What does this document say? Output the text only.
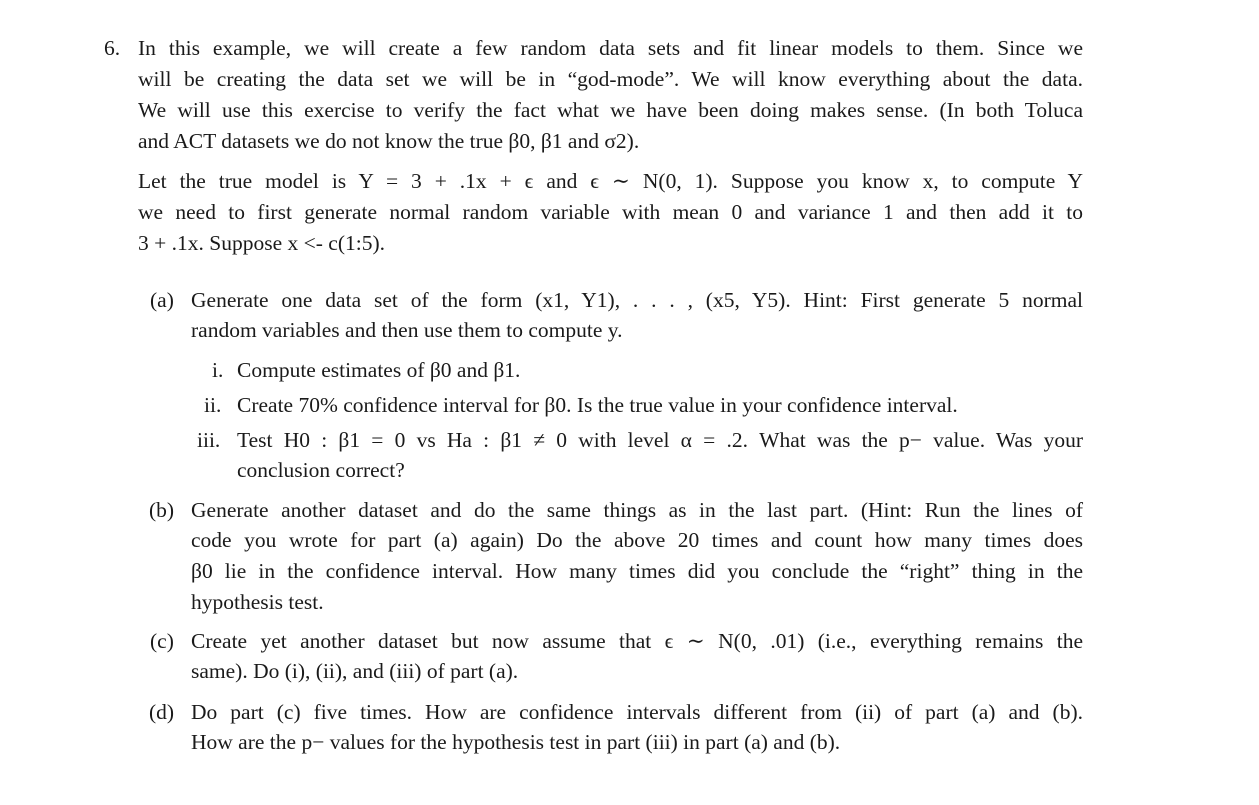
6. In this example, we will create a few random data sets and fit linear models to them. Since we
will be creating the data set we will be in “god-mode”. We will know everything about the data.
We will use this exercise to verify the fact what we have been doing makes sense. (In both Toluca
and ACT datasets we do not know the true β0, β1 and σ2).
Let the true model is Y = 3 + .1x + ϵ and ϵ ∼ N(0, 1). Suppose you know x, to compute Y
we need to first generate normal random variable with mean 0 and variance 1 and then add it to
3 + .1x. Suppose x <- c(1:5).
(a) Generate one data set of the form (x1, Y1), . . . , (x5, Y5). Hint: First generate 5 normal
random variables and then use them to compute y.
i. Compute estimates of β0 and β1.
ii. Create 70% confidence interval for β0. Is the true value in your confidence interval.
iii. Test H0 : β1 = 0 vs Ha : β1 ≠ 0 with level α = .2. What was the p− value. Was your
conclusion correct?
(b) Generate another dataset and do the same things as in the last part. (Hint: Run the lines of
code you wrote for part (a) again) Do the above 20 times and count how many times does
β0 lie in the confidence interval. How many times did you conclude the “right” thing in the
hypothesis test.
(c) Create yet another dataset but now assume that ϵ ∼ N(0, .01) (i.e., everything remains the
same). Do (i), (ii), and (iii) of part (a).
(d) Do part (c) five times. How are confidence intervals different from (ii) of part (a) and (b).
How are the p− values for the hypothesis test in part (iii) in part (a) and (b).
